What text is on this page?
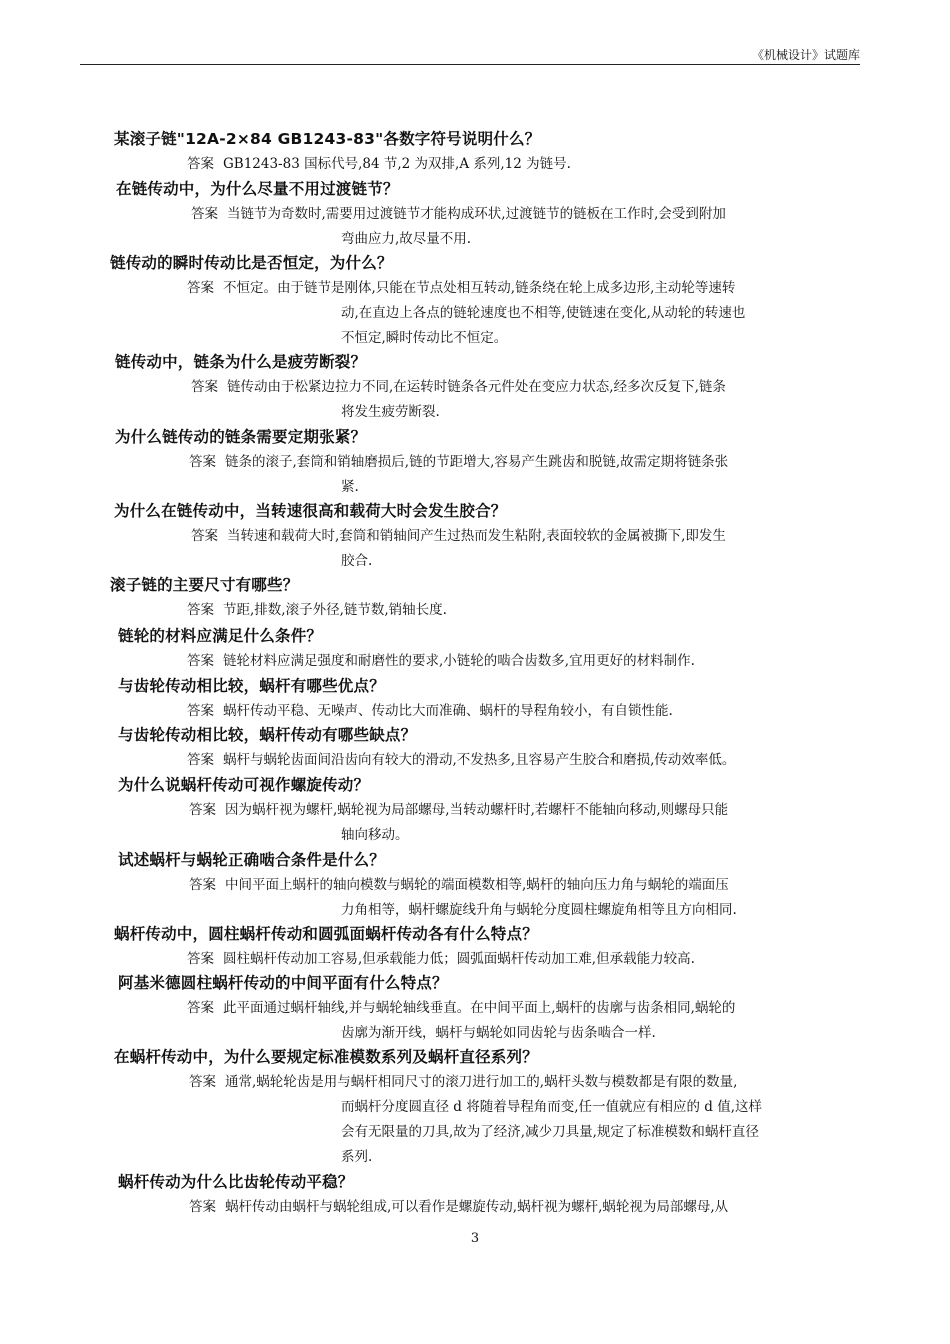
《机械设计》试题库
某滚子链"12A-2×84 GB1243-83"各数字符号说明什么？
答案 GB1243-83 国标代号,84 节,2 为双排,A 系列,12 为链号.
在链传动中，为什么尽量不用过渡链节？
答案 当链节为奇数时,需要用过渡链节才能构成环状,过渡链节的链板在工作时,会受到附加
弯曲应力,故尽量不用.
链传动的瞬时传动比是否恒定，为什么？
答案 不恒定。由于链节是刚体,只能在节点处相互转动,链条绕在轮上成多边形,主动轮等速转
动,在直边上各点的链轮速度也不相等,使链速在变化,从动轮的转速也
不恒定,瞬时传动比不恒定。
链传动中，链条为什么是疲劳断裂？
答案 链传动由于松紧边拉力不同,在运转时链条各元件处在变应力状态,经多次反复下,链条
将发生疲劳断裂.
为什么链传动的链条需要定期张紧？
答案 链条的滚子,套筒和销轴磨损后,链的节距增大,容易产生跳齿和脱链,故需定期将链条张
紧.
为什么在链传动中，当转速很高和载荷大时会发生胶合？
答案 当转速和载荷大时,套筒和销轴间产生过热而发生粘附,表面较软的金属被撕下,即发生
胶合.
滚子链的主要尺寸有哪些？
答案 节距,排数,滚子外径,链节数,销轴长度.
链轮的材料应满足什么条件？
答案 链轮材料应满足强度和耐磨性的要求,小链轮的啮合齿数多,宜用更好的材料制作.
与齿轮传动相比较，蜗杆有哪些优点？
答案 蜗杆传动平稳、无噪声、传动比大而准确、蜗杆的导程角较小，有自锁性能.
与齿轮传动相比较，蜗杆传动有哪些缺点？
答案 蜗杆与蜗轮齿面间沿齿向有较大的滑动,不发热多,且容易产生胶合和磨损,传动效率低。
为什么说蜗杆传动可视作螺旋传动？
答案 因为蜗杆视为螺杆,蜗轮视为局部螺母,当转动螺杆时,若螺杆不能轴向移动,则螺母只能
轴向移动。
试述蜗杆与蜗轮正确啮合条件是什么？
答案 中间平面上蜗杆的轴向模数与蜗轮的端面模数相等,蜗杆的轴向压力角与蜗轮的端面压
力角相等，蜗杆螺旋线升角与蜗轮分度圆柱螺旋角相等且方向相同.
蜗杆传动中，圆柱蜗杆传动和圆弧面蜗杆传动各有什么特点？
答案 圆柱蜗杆传动加工容易,但承载能力低；圆弧面蜗杆传动加工难,但承载能力较高.
阿基米德圆柱蜗杆传动的中间平面有什么特点？
答案 此平面通过蜗杆轴线,并与蜗轮轴线垂直。在中间平面上,蜗杆的齿廓与齿条相同,蜗轮的
齿廓为渐开线，蜗杆与蜗轮如同齿轮与齿条啮合一样.
在蜗杆传动中，为什么要规定标准模数系列及蜗杆直径系列？
答案 通常,蜗轮轮齿是用与蜗杆相同尺寸的滚刀进行加工的,蜗杆头数与模数都是有限的数量,
而蜗杆分度圆直径 d 将随着导程角而变,任一值就应有相应的 d 值,这样
会有无限量的刀具,故为了经济,减少刀具量,规定了标准模数和蜗杆直径
系列.
蜗杆传动为什么比齿轮传动平稳？
答案 蜗杆传动由蜗杆与蜗轮组成,可以看作是螺旋传动,蜗杆视为螺杆,蜗轮视为局部螺母,从
3
